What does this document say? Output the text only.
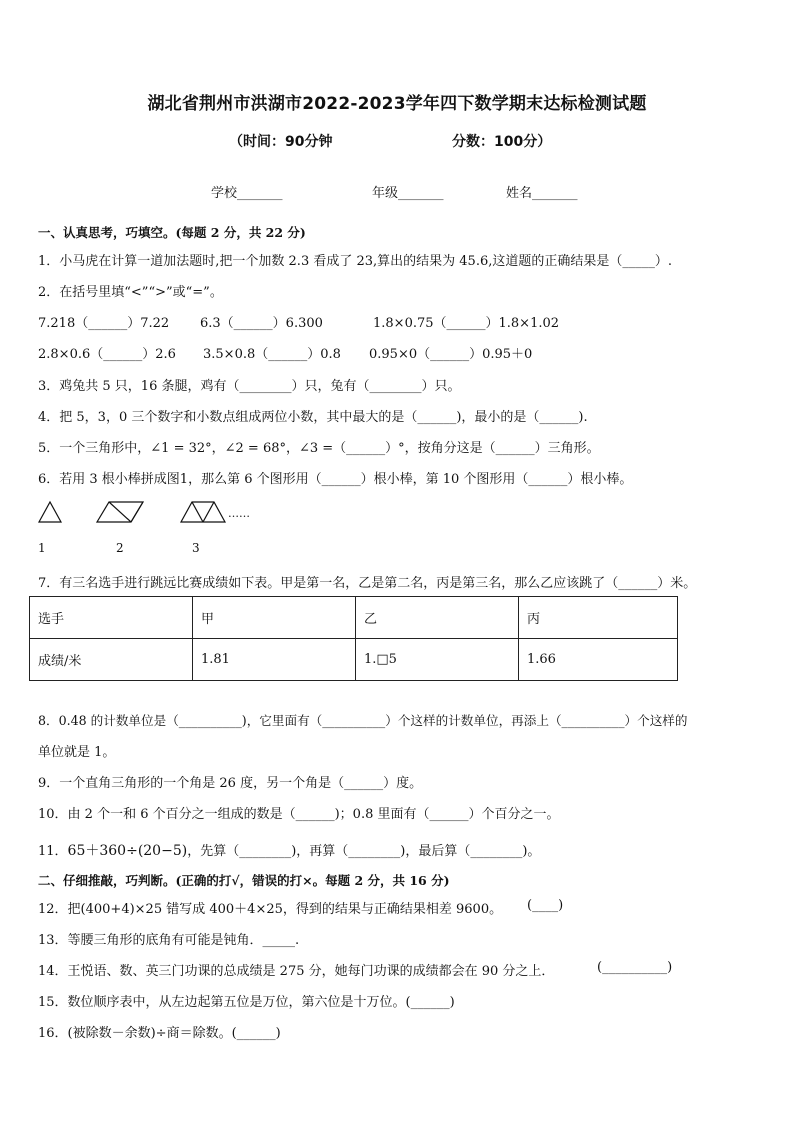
湖北省荆州市洪湖市2022-2023学年四下数学期末达标检测试题
（时间：90分钟	分数：100分）
学校_______	年级_______	姓名_______
一、认真思考，巧填空。(每题 2 分，共 22 分)
1．小马虎在计算一道加法题时,把一个加数 2.3 看成了 23,算出的结果为 45.6,这道题的正确结果是（_____）.
2．在括号里填“<”“>”或“=”。
7.218（______）7.22 6.3（______）6.300	1.8×0.75（______）1.8×1.02
2.8×0.6（______）2.6 3.5×0.8（______）0.8 0.95×0（______）0.95＋0
3．鸡兔共 5 只，16 条腿，鸡有（________）只，兔有（________）只。
4．把 5，3，0 三个数字和小数点组成两位小数，其中最大的是（______)，最小的是（______).
5．一个三角形中，∠1 = 32°，∠2 = 68°，∠3 =（______）°，按角分这是（______）三角形。
6．若用 3 根小棒拼成图1，那么第 6 个图形用（______）根小棒，第 10 个图形用（______）根小棒。
……
1	2	3
7．有三名选手进行跳远比赛成绩如下表。甲是第一名，乙是第二名，丙是第三名，那么乙应该跳了（______）米。
选手	甲	乙	丙
成绩/米	1.81	1.□5	1.66
8．0.48 的计数单位是（__________)，它里面有（__________）个这样的计数单位，再添上（__________）个这样的
单位就是 1。
9．一个直角三角形的一个角是 26 度，另一个角是（______）度。
10．由 2 个一和 6 个百分之一组成的数是（______)；0.8 里面有（______）个百分之一。
11．65＋360÷(20−5)，先算（________)，再算（________)，最后算（________)。
二、仔细推敲，巧判断。(正确的打√，错误的打×。每题 2 分，共 16 分)
12．把(400+4)×25 错写成 400＋4×25，得到的结果与正确结果相差 9600。 (____)
13．等腰三角形的底角有可能是钝角．_____.
14．王悦语、数、英三门功课的总成绩是 275 分，她每门功课的成绩都会在 90 分之上．	(__________)
15．数位顺序表中，从左边起第五位是万位，第六位是十万位。(______)
16．(被除数－余数)÷商＝除数。(______)
